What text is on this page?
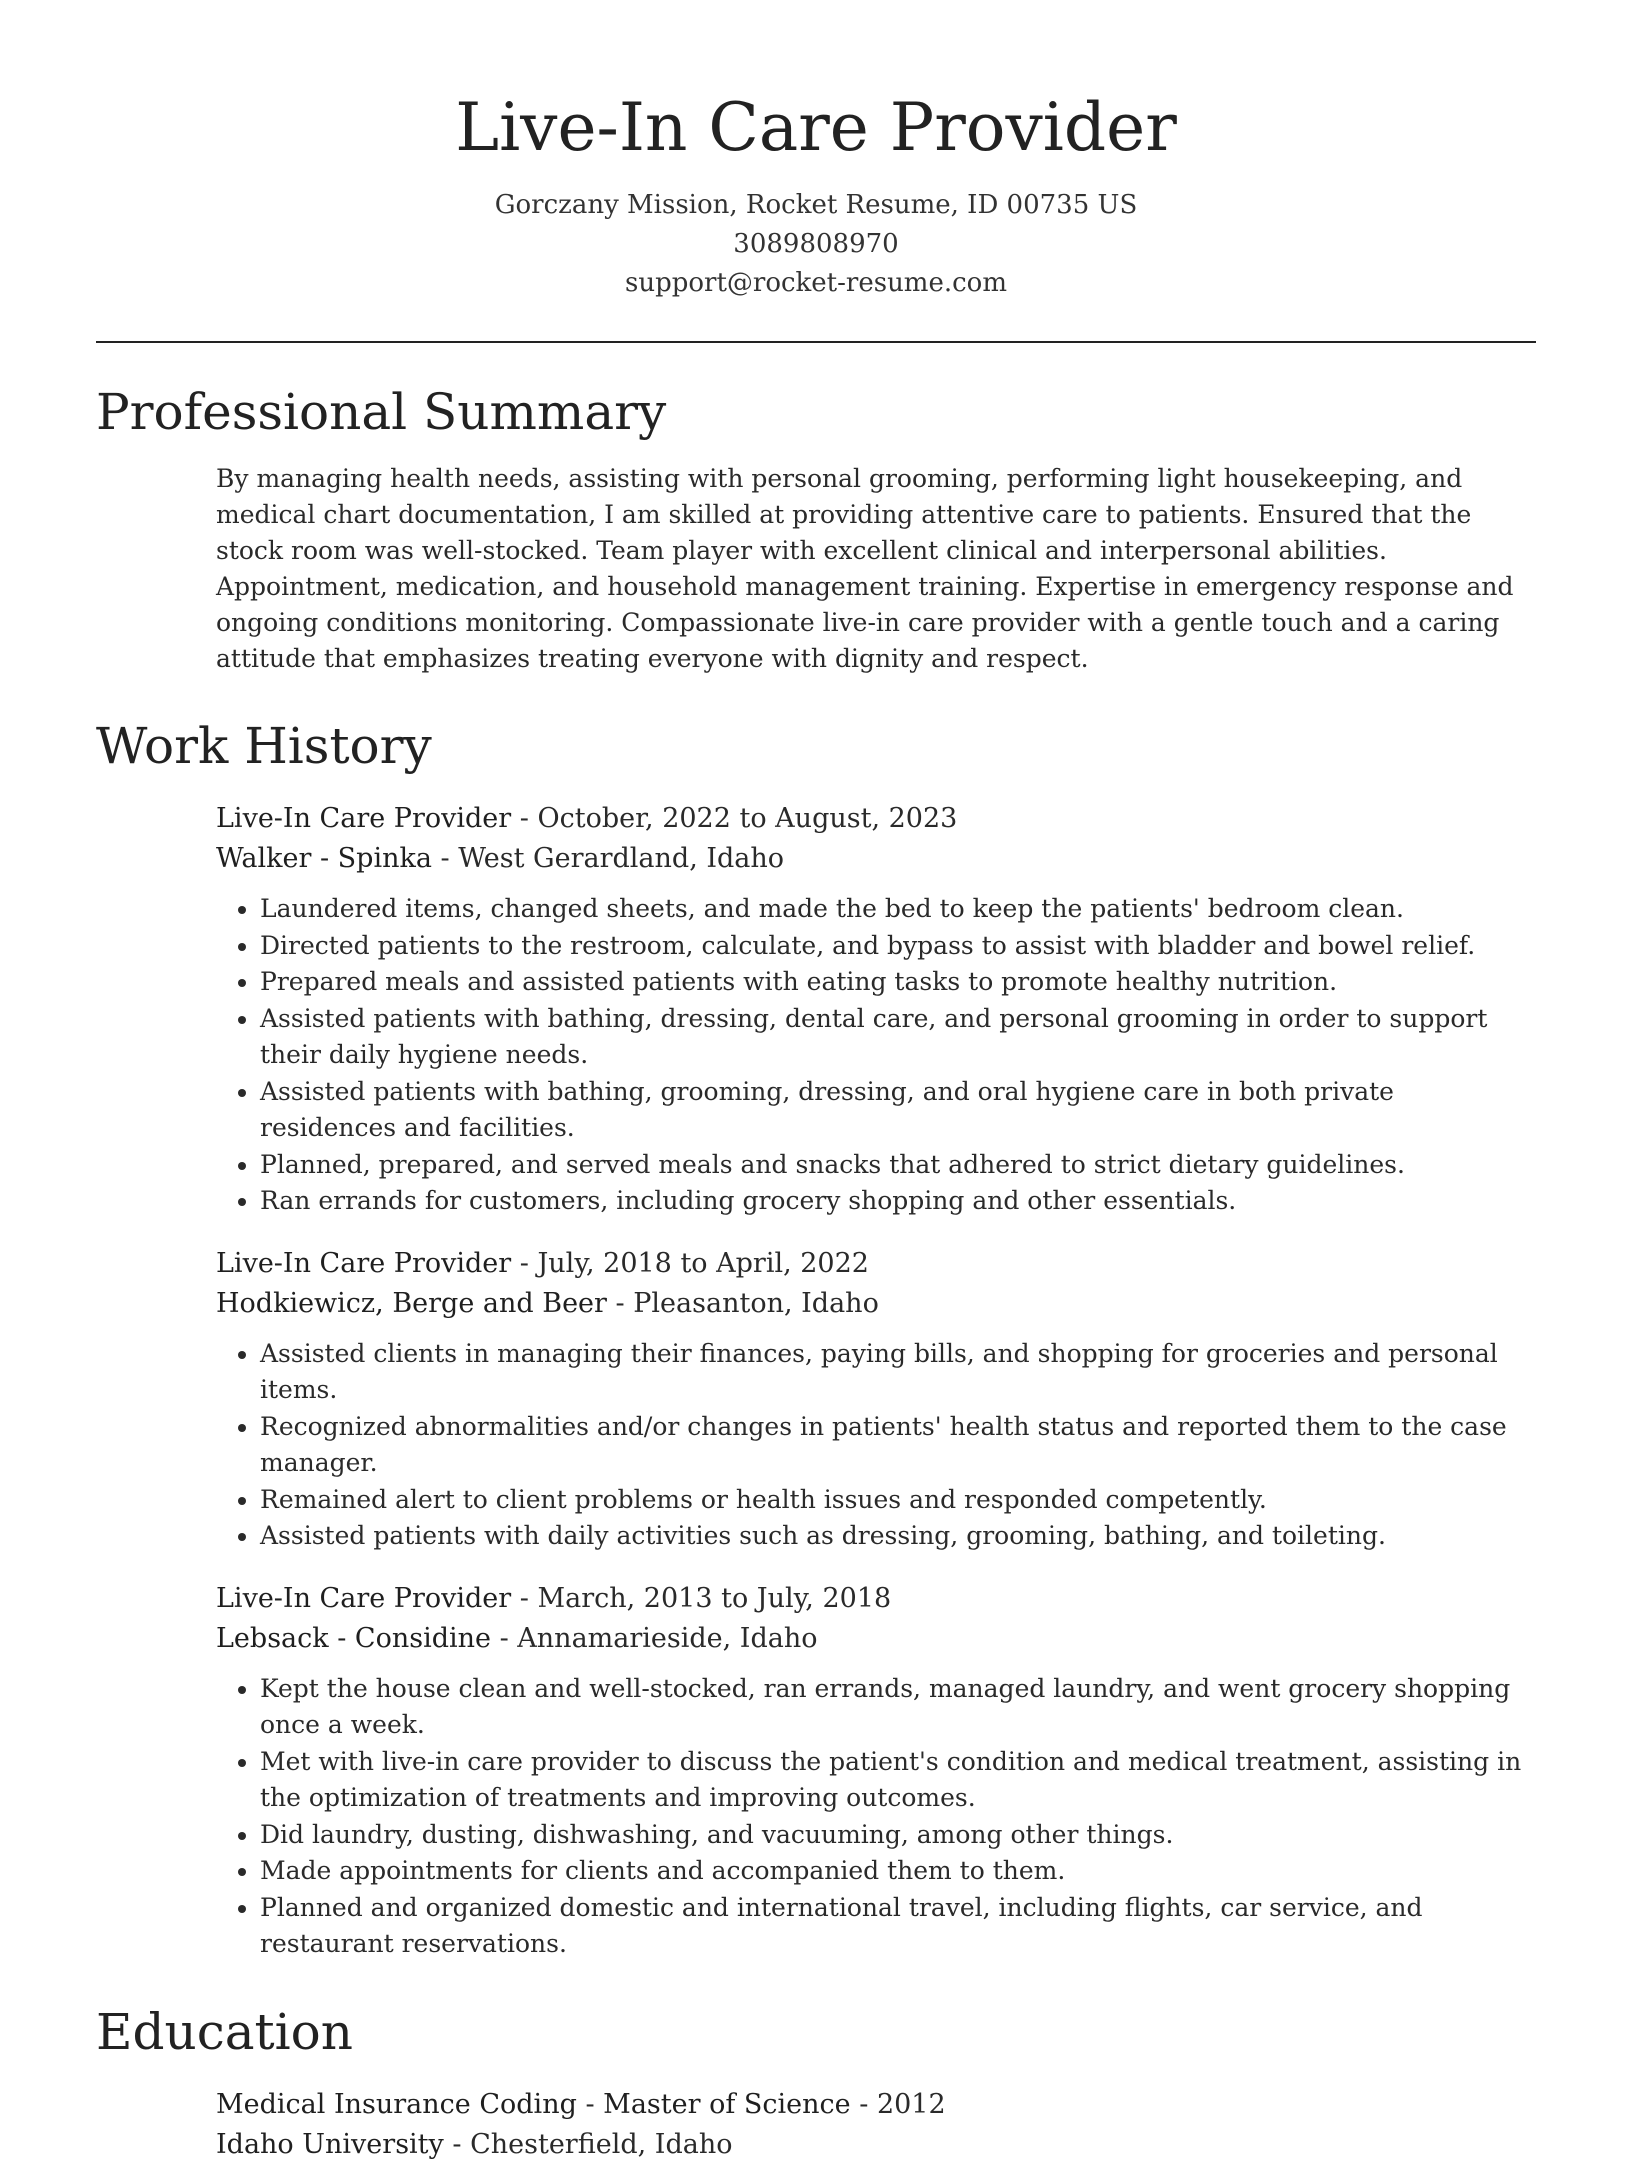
Live-In Care Provider
Gorczany Mission, Rocket Resume, ID 00735 US
3089808970
support@rocket-resume.com
Professional Summary

By managing health needs, assisting with personal grooming, performing light housekeeping, and medical chart documentation, I am skilled at providing attentive care to patients. Ensured that the stock room was well-stocked. Team player with excellent clinical and interpersonal abilities. Appointment, medication, and household management training. Expertise in emergency response and ongoing conditions monitoring. Compassionate live-in care provider with a gentle touch and a caring attitude that emphasizes treating everyone with dignity and respect.

Work History
Live-In Care Provider - October, 2022 to August, 2023
Walker - Spinka - West Gerardland, Idaho
• Laundered items, changed sheets, and made the bed to keep the patients' bedroom clean.
• Directed patients to the restroom, calculate, and bypass to assist with bladder and bowel relief.
• Prepared meals and assisted patients with eating tasks to promote healthy nutrition.
• Assisted patients with bathing, dressing, dental care, and personal grooming in order to support their daily hygiene needs.
• Assisted patients with bathing, grooming, dressing, and oral hygiene care in both private residences and facilities.
• Planned, prepared, and served meals and snacks that adhered to strict dietary guidelines.
• Ran errands for customers, including grocery shopping and other essentials.
Live-In Care Provider - July, 2018 to April, 2022
Hodkiewicz, Berge and Beer - Pleasanton, Idaho
• Assisted clients in managing their finances, paying bills, and shopping for groceries and personal items.
• Recognized abnormalities and/or changes in patients' health status and reported them to the case manager.
• Remained alert to client problems or health issues and responded competently.
• Assisted patients with daily activities such as dressing, grooming, bathing, and toileting.
Live-In Care Provider - March, 2013 to July, 2018
Lebsack - Considine - Annamarieside, Idaho
• Kept the house clean and well-stocked, ran errands, managed laundry, and went grocery shopping once a week.
• Met with live-in care provider to discuss the patient's condition and medical treatment, assisting in the optimization of treatments and improving outcomes.
• Did laundry, dusting, dishwashing, and vacuuming, among other things.
• Made appointments for clients and accompanied them to them.
• Planned and organized domestic and international travel, including flights, car service, and restaurant reservations.
Education
Medical Insurance Coding - Master of Science - 2012
Idaho University - Chesterfield, Idaho
